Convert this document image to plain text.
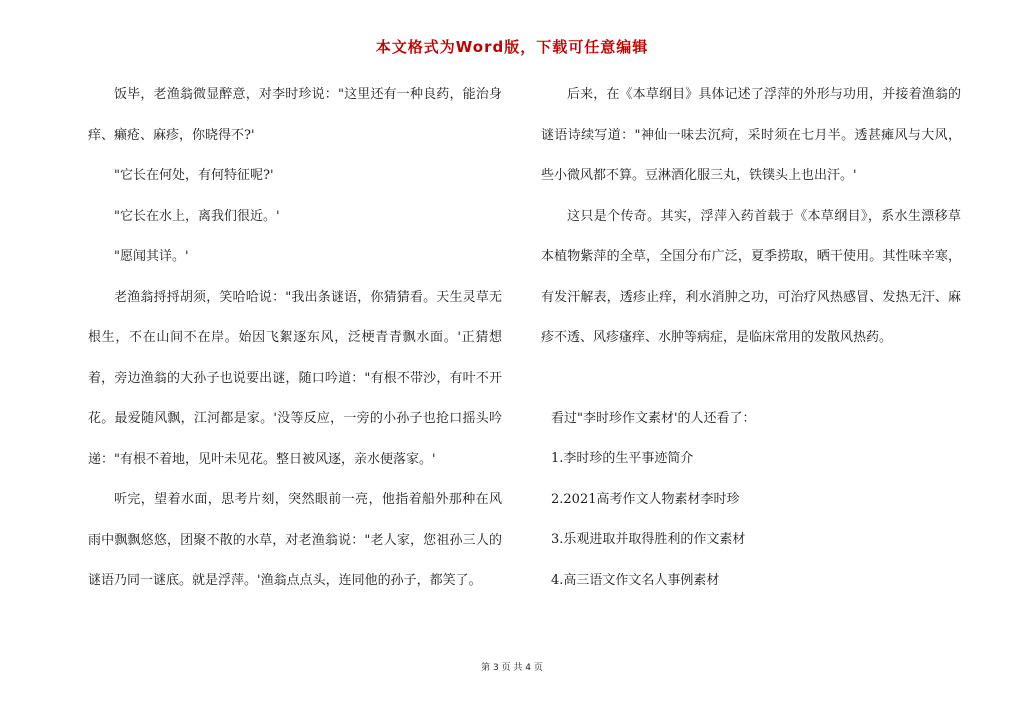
本文格式为Word版，下载可任意编辑

饭毕，老渔翁微显醉意，对李时珍说："这里还有一种良药，能治身痒、癞疮、麻疹，你晓得不?'

"它长在何处，有何特征呢?'

"它长在水上，离我们很近。'

"愿闻其详。'

老渔翁捋捋胡须，笑哈哈说："我出条谜语，你猜猜看。天生灵草无根生，不在山间不在岸。始因飞絮逐东风，泛梗青青飘水面。'正猜想着，旁边渔翁的大孙子也说要出谜，随口吟道："有根不带沙，有叶不开花。最爱随风飘，江河都是家。'没等反应，一旁的小孙子也抢口摇头吟递："有根不着地，见叶未见花。整日被风逐，亲水便落家。'

听完，望着水面，思考片刻，突然眼前一亮，他指着船外那种在风雨中飘飘悠悠，团聚不散的水草，对老渔翁说："老人家，您祖孙三人的谜语乃同一谜底。就是浮萍。'渔翁点点头，连同他的孙子，都笑了。

后来，在《本草纲目》具体记述了浮萍的外形与功用，并接着渔翁的谜语诗续写道："神仙一味去沉疴，采时须在七月半。透甚瘫风与大风，些小微风都不算。豆淋酒化服三丸，铁镤头上也出汗。'

这只是个传奇。其实，浮萍入药首载于《本草纲目》，系水生漂移草本植物紫萍的全草，全国分布广泛，夏季捞取，晒干使用。其性味辛寒，有发汗解表，透疹止痒，利水消肿之功，可治疗风热感冒、发热无汗、麻疹不透、风疹瘙痒、水肿等病症，是临床常用的发散风热药。

看过"李时珍作文素材'的人还看了：

1.李时珍的生平事迹简介

2.2021高考作文人物素材李时珍

3.乐观进取并取得胜利的作文素材

4.高三语文作文名人事例素材

第 3 页 共 4 页
